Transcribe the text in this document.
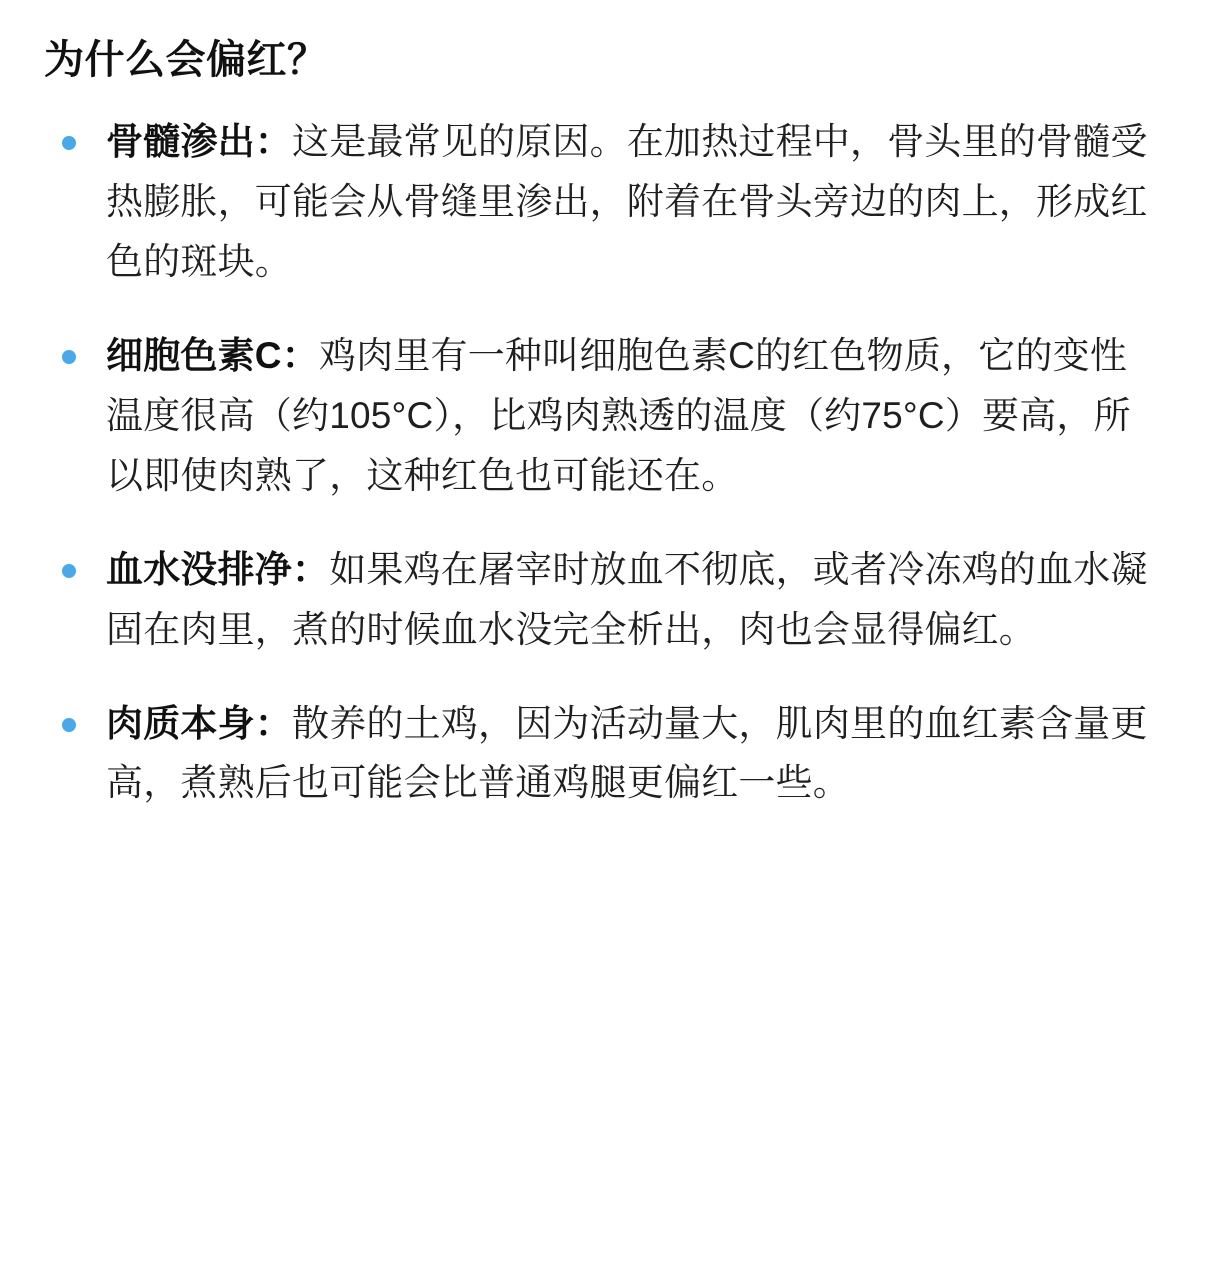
为什么会偏红？
骨髓渗出：这是最常见的原因。在加热过程中，骨头里的骨髓受热膨胀，可能会从骨缝里渗出，附着在骨头旁边的肉上，形成红色的斑块。
细胞色素C：鸡肉里有一种叫细胞色素C的红色物质，它的变性温度很高（约105°C），比鸡肉熟透的温度（约75°C）要高，所以即使肉熟了，这种红色也可能还在。
血水没排净：如果鸡在屠宰时放血不彻底，或者冷冻鸡的血水凝固在肉里，煮的时候血水没完全析出，肉也会显得偏红。
肉质本身：散养的土鸡，因为活动量大，肌肉里的血红素含量更高，煮熟后也可能会比普通鸡腿更偏红一些。
